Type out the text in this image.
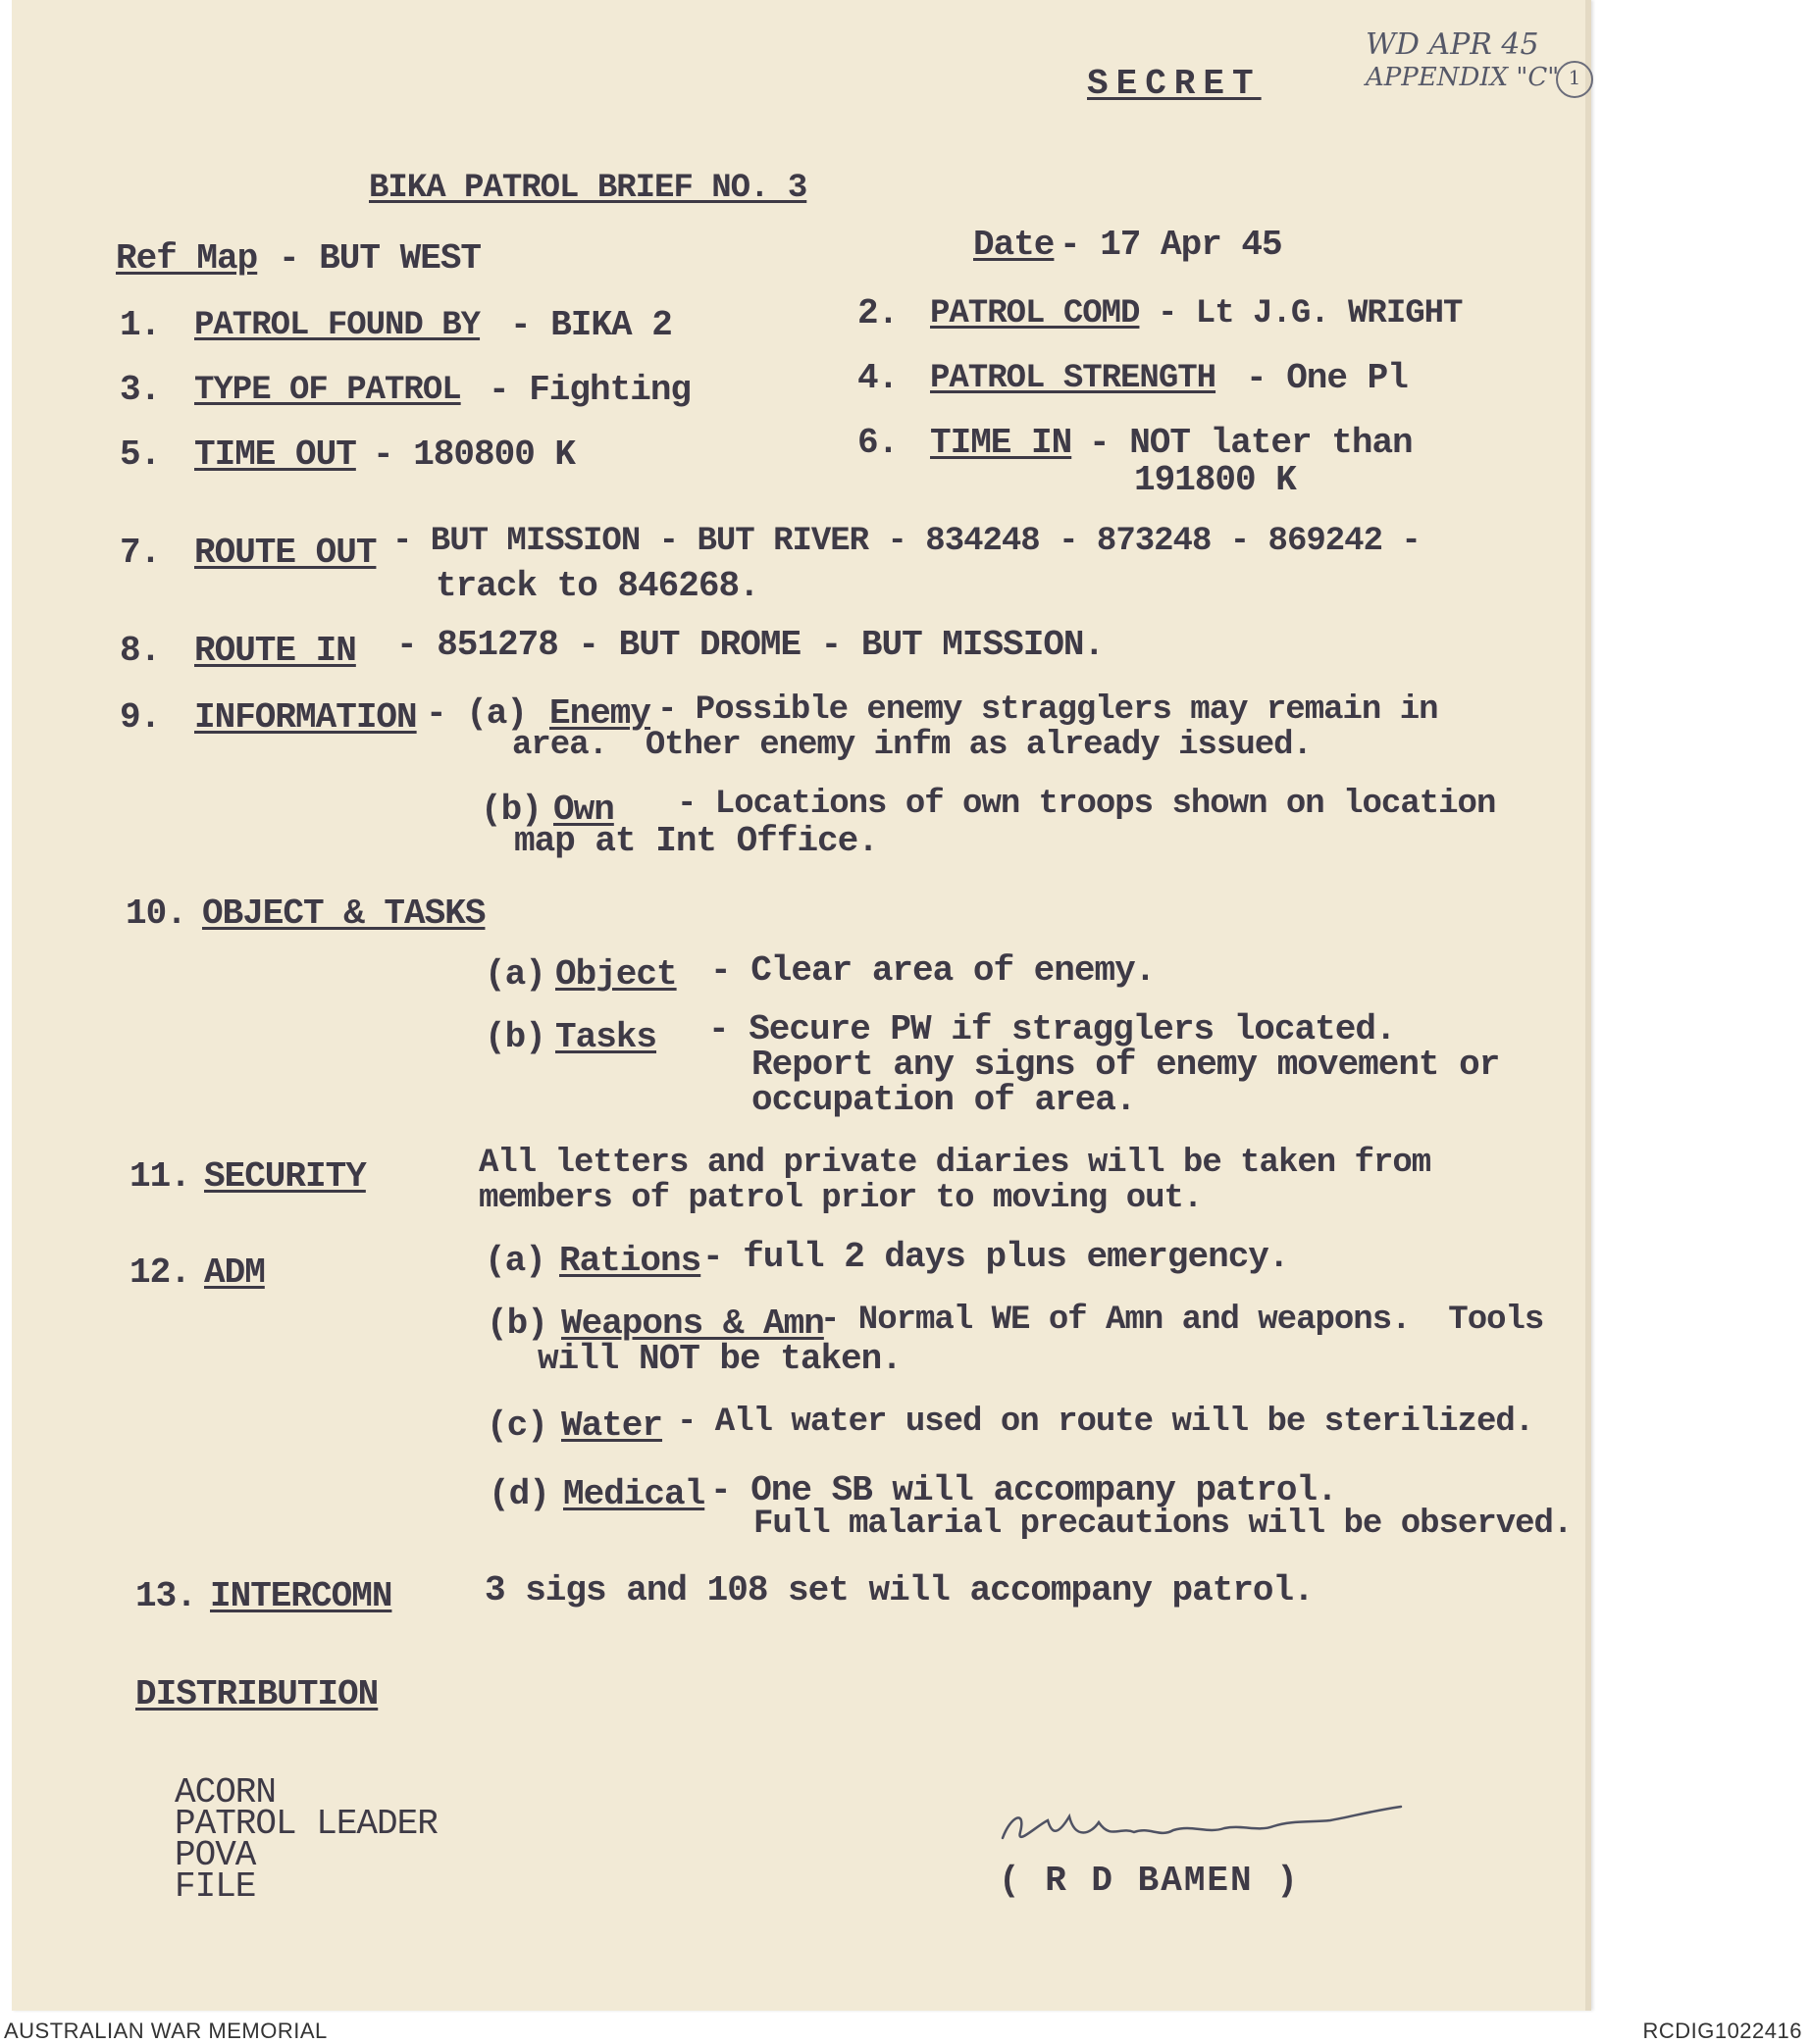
WD APR 45
APPENDIX "C" 1
SECRET
BIKA PATROL BRIEF NO. 3
Ref Map - BUT WEST	Date - 17 Apr 45
1. PATROL FOUND BY - BIKA 2	2. PATROL COMD - Lt J.G. WRIGHT
3. TYPE OF PATROL - Fighting	4. PATROL STRENGTH - One Pl
5. TIME OUT - 180800 K	6. TIME IN - NOT later than
191800 K
7. ROUTE OUT - BUT MISSION - BUT RIVER - 834248 - 873248 - 869242 -
track to 846268.
8. ROUTE IN - 851278 - BUT DROME - BUT MISSION.
9. INFORMATION - (a) Enemy - Possible enemy stragglers may remain in
area.  Other enemy infm as already issued.
(b) Own - Locations of own troops shown on location
map at Int Office.
10. OBJECT & TASKS
(a) Object - Clear area of enemy.
(b) Tasks - Secure PW if stragglers located.
Report any signs of enemy movement or
occupation of area.
11. SECURITY	All letters and private diaries will be taken from
members of patrol prior to moving out.
12. ADM	(a) Rations - full 2 days plus emergency.
(b) Weapons & Amn
- Normal WE of Amn and weapons.  Tools
will NOT be taken.
(c) Water - All water used on route will be sterilized.
(d) Medical - One SB will accompany patrol.
Full malarial precautions will be observed.
13. INTERCOMN	3 sigs and 108 set will accompany patrol.
DISTRIBUTION
ACORN
PATROL LEADER
POVA
FILE	( R D BAMEN )
AUSTRALIAN WAR MEMORIAL	RCDIG1022416
